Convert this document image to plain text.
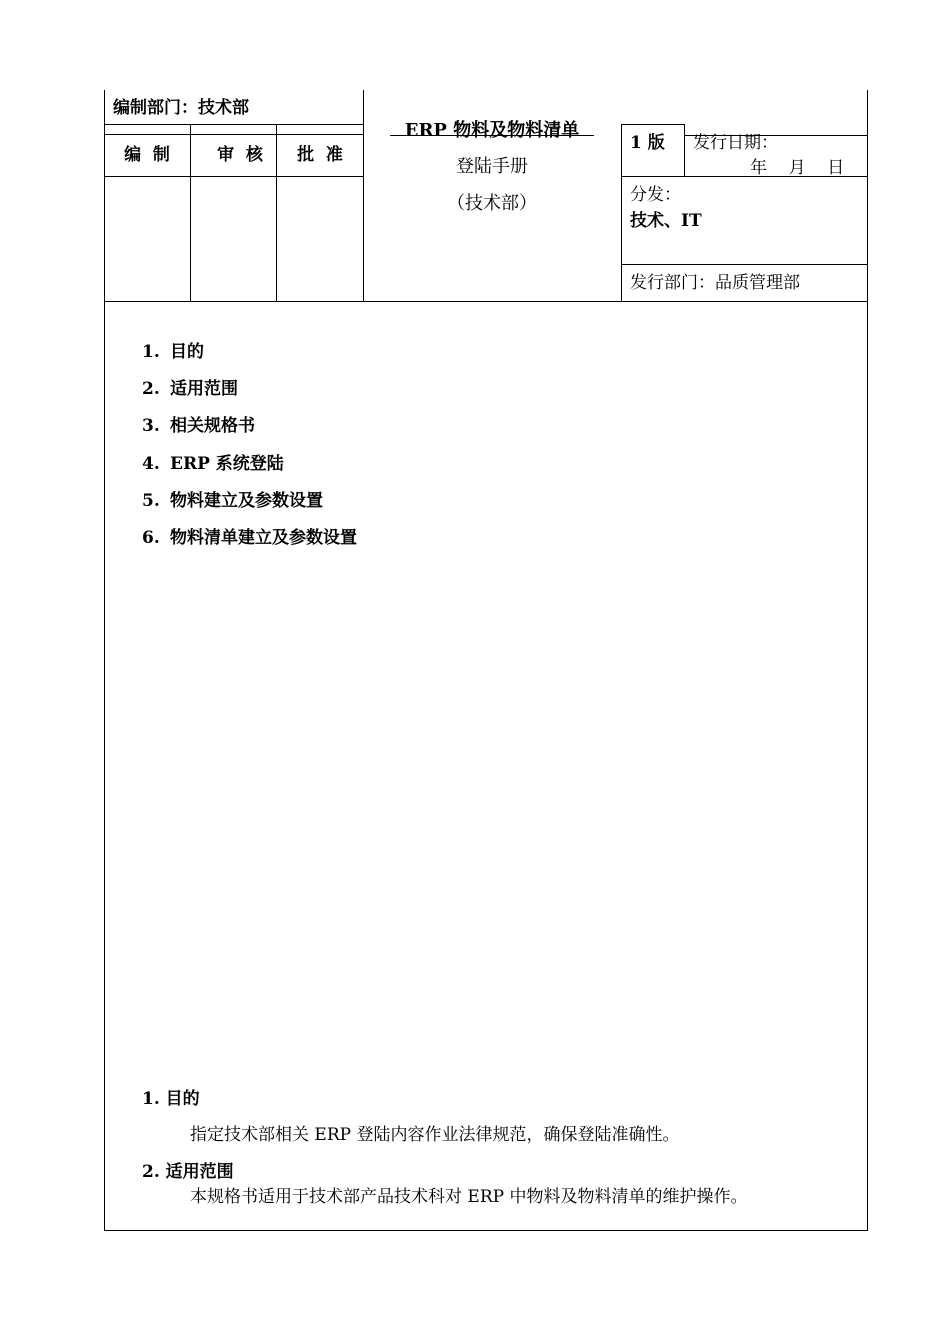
编制部门：技术部
编  制	审  核	批  准
ERP 物料及物料清单
登陆手册
（技术部）
1 版 发行日期：
年    月    日
分发：
技术、IT
发行部门：品质管理部
1. 目的
2. 适用范围
3. 相关规格书
4. ERP 系统登陆
5. 物料建立及参数设置
6. 物料清单建立及参数设置
1. 目的
指定技术部相关 ERP 登陆内容作业法律规范，确保登陆准确性。
2. 适用范围
本规格书适用于技术部产品技术科对 ERP 中物料及物料清单的维护操作。
